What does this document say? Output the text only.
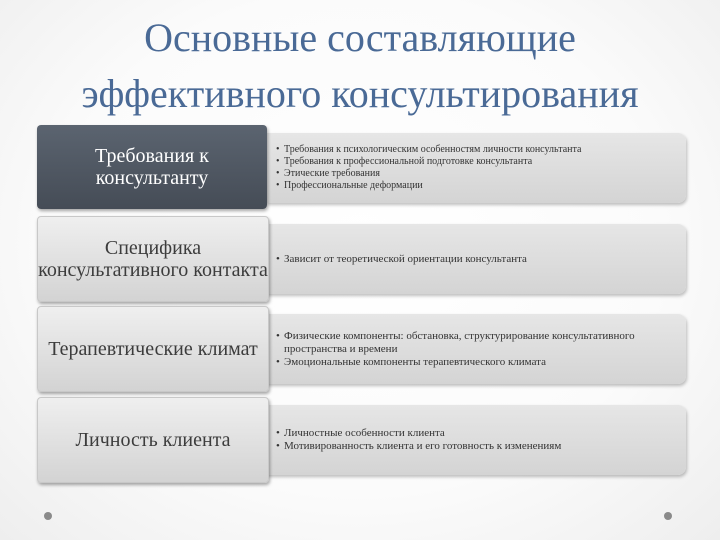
Основные составляющие
эффективного консультирования
• Требования к психологическим особенностям личности консультанта
• Требования к профессиональной подготовке консультанта
• Этические требования
• Профессиональные деформации
Требования к консультанту
• Зависит от теоретической ориентации консультанта
Специфика консультативного контакта
• Физические компоненты: обстановка, структурирование консультативного пространства и времени
• Эмоциональные компоненты терапевтического климата
Терапевтические климат
• Личностные особенности клиента
• Мотивированность клиента и его готовность к изменениям
Личность клиента
